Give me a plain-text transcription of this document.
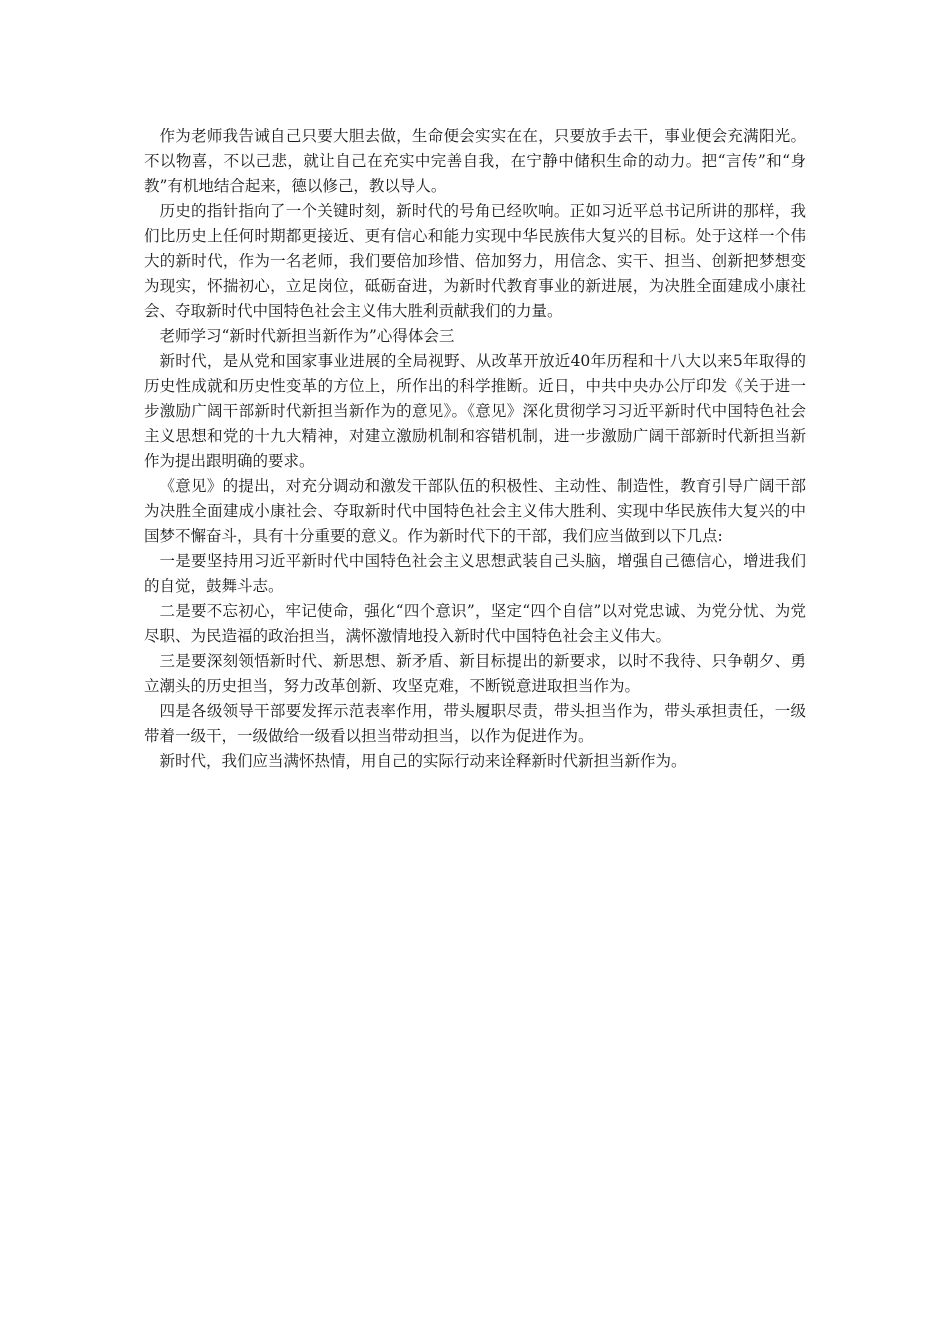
作为老师我告诫自己只要大胆去做，生命便会实实在在，只要放手去干，事业便会充满阳光。不以物喜，不以己悲，就让自己在充实中完善自我，在宁静中储积生命的动力。把“言传”和“身教”有机地结合起来，德以修己，教以导人。

历史的指针指向了一个关键时刻，新时代的号角已经吹响。正如习近平总书记所讲的那样，我们比历史上任何时期都更接近、更有信心和能力实现中华民族伟大复兴的目标。处于这样一个伟大的新时代，作为一名老师，我们要倍加珍惜、倍加努力，用信念、实干、担当、创新把梦想变为现实，怀揣初心，立足岗位，砥砺奋进，为新时代教育事业的新进展，为决胜全面建成小康社会、夺取新时代中国特色社会主义伟大胜利贡献我们的力量。

老师学习“新时代新担当新作为”心得体会三

新时代，是从党和国家事业进展的全局视野、从改革开放近40年历程和十八大以来5年取得的历史性成就和历史性变革的方位上，所作出的科学推断。近日，中共中央办公厅印发《关于进一步激励广阔干部新时代新担当新作为的意见》。《意见》深化贯彻学习习近平新时代中国特色社会主义思想和党的十九大精神，对建立激励机制和容错机制，进一步激励广阔干部新时代新担当新作为提出跟明确的要求。

《意见》的提出，对充分调动和激发干部队伍的积极性、主动性、制造性，教育引导广阔干部为决胜全面建成小康社会、夺取新时代中国特色社会主义伟大胜利、实现中华民族伟大复兴的中国梦不懈奋斗，具有十分重要的意义。作为新时代下的干部，我们应当做到以下几点:

一是要坚持用习近平新时代中国特色社会主义思想武装自己头脑，增强自己德信心，增进我们的自觉，鼓舞斗志。

二是要不忘初心，牢记使命，强化“四个意识”，坚定“四个自信”以对党忠诚、为党分忧、为党尽职、为民造福的政治担当，满怀激情地投入新时代中国特色社会主义伟大。

三是要深刻领悟新时代、新思想、新矛盾、新目标提出的新要求，以时不我待、只争朝夕、勇立潮头的历史担当，努力改革创新、攻坚克难，不断锐意进取担当作为。

四是各级领导干部要发挥示范表率作用，带头履职尽责，带头担当作为，带头承担责任，一级带着一级干，一级做给一级看以担当带动担当，以作为促进作为。

新时代，我们应当满怀热情，用自己的实际行动来诠释新时代新担当新作为。
